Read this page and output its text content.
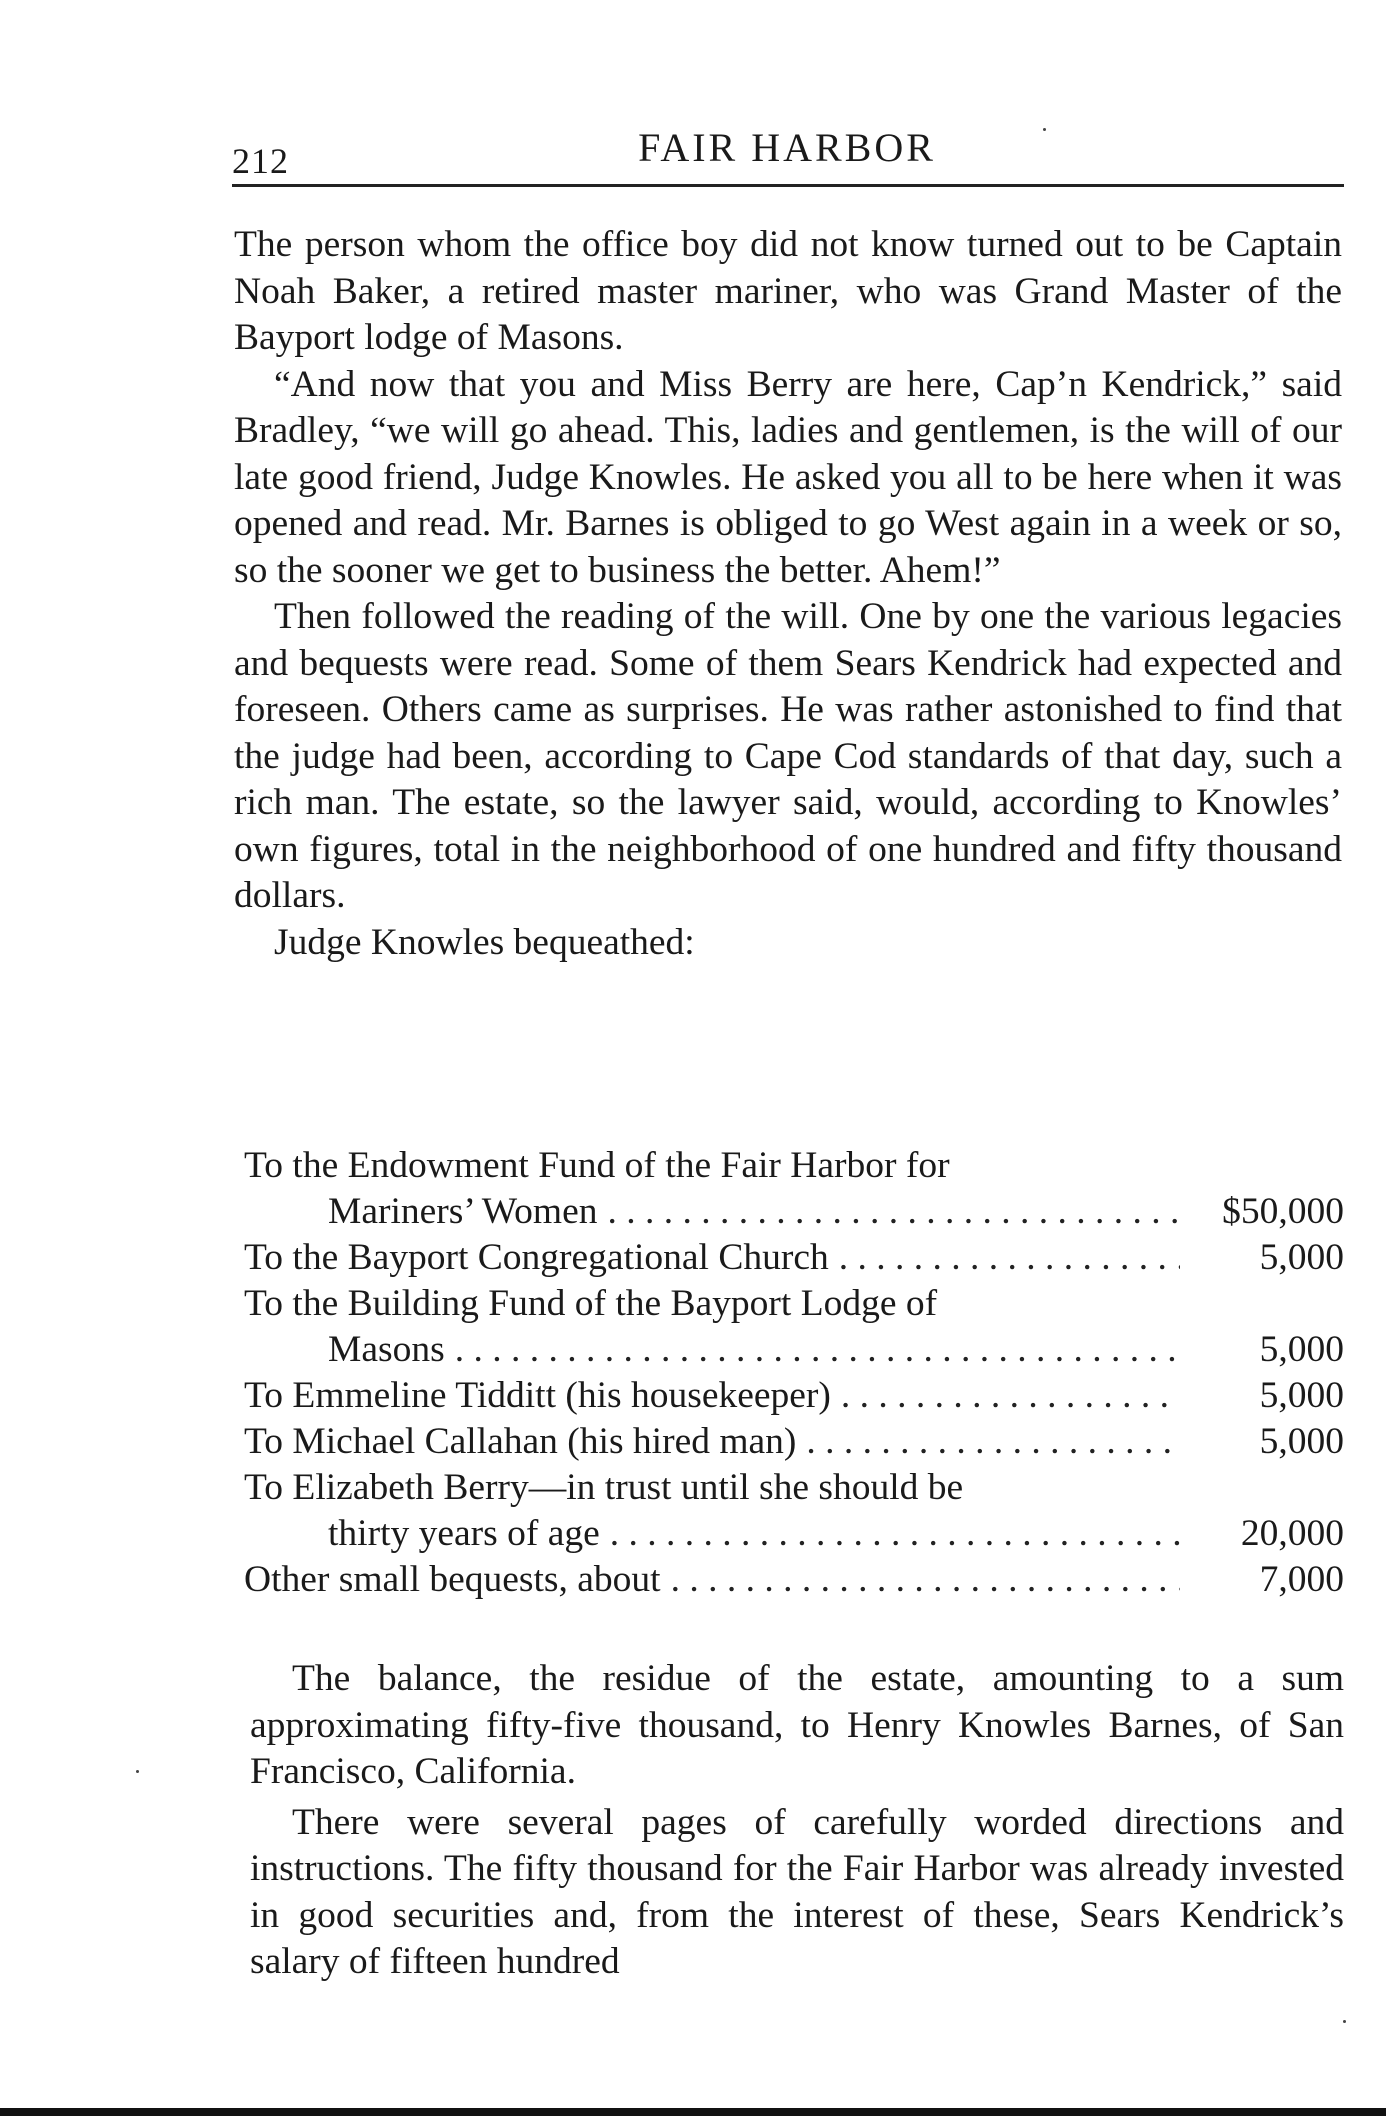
212	FAIR HARBOR

The person whom the office boy did not know turned out to be Captain Noah Baker, a retired master mariner, who was Grand Master of the Bayport lodge of Masons.

“And now that you and Miss Berry are here, Cap’n Kendrick,” said Bradley, “we will go ahead. This, ladies and gentlemen, is the will of our late good friend, Judge Knowles. He asked you all to be here when it was opened and read. Mr. Barnes is obliged to go West again in a week or so, so the sooner we get to business the better. Ahem!”

Then followed the reading of the will. One by one the various legacies and bequests were read. Some of them Sears Kendrick had expected and foreseen. Others came as surprises. He was rather astonished to find that the judge had been, according to Cape Cod standards of that day, such a rich man. The estate, so the lawyer said, would, according to Knowles’ own figures, total in the neighborhood of one hundred and fifty thousand dollars.

Judge Knowles bequeathed:

To the Endowment Fund of the Fair Harbor for
Mariners’ Women . . .	$50,000
To the Bayport Congregational Church . . .	5,000
To the Building Fund of the Bayport Lodge of
Masons . . .	5,000
To Emmeline Tidditt (his housekeeper) . . .	5,000
To Michael Callahan (his hired man) . . .	5,000
To Elizabeth Berry—in trust until she should be
thirty years of age . . .	20,000
Other small bequests, about . . .	7,000

The balance, the residue of the estate, amounting to a sum approximating fifty-five thousand, to Henry Knowles Barnes, of San Francisco, California.

There were several pages of carefully worded directions and instructions. The fifty thousand for the Fair Harbor was already invested in good securities and, from the interest of these, Sears Kendrick’s salary of fifteen hundred
